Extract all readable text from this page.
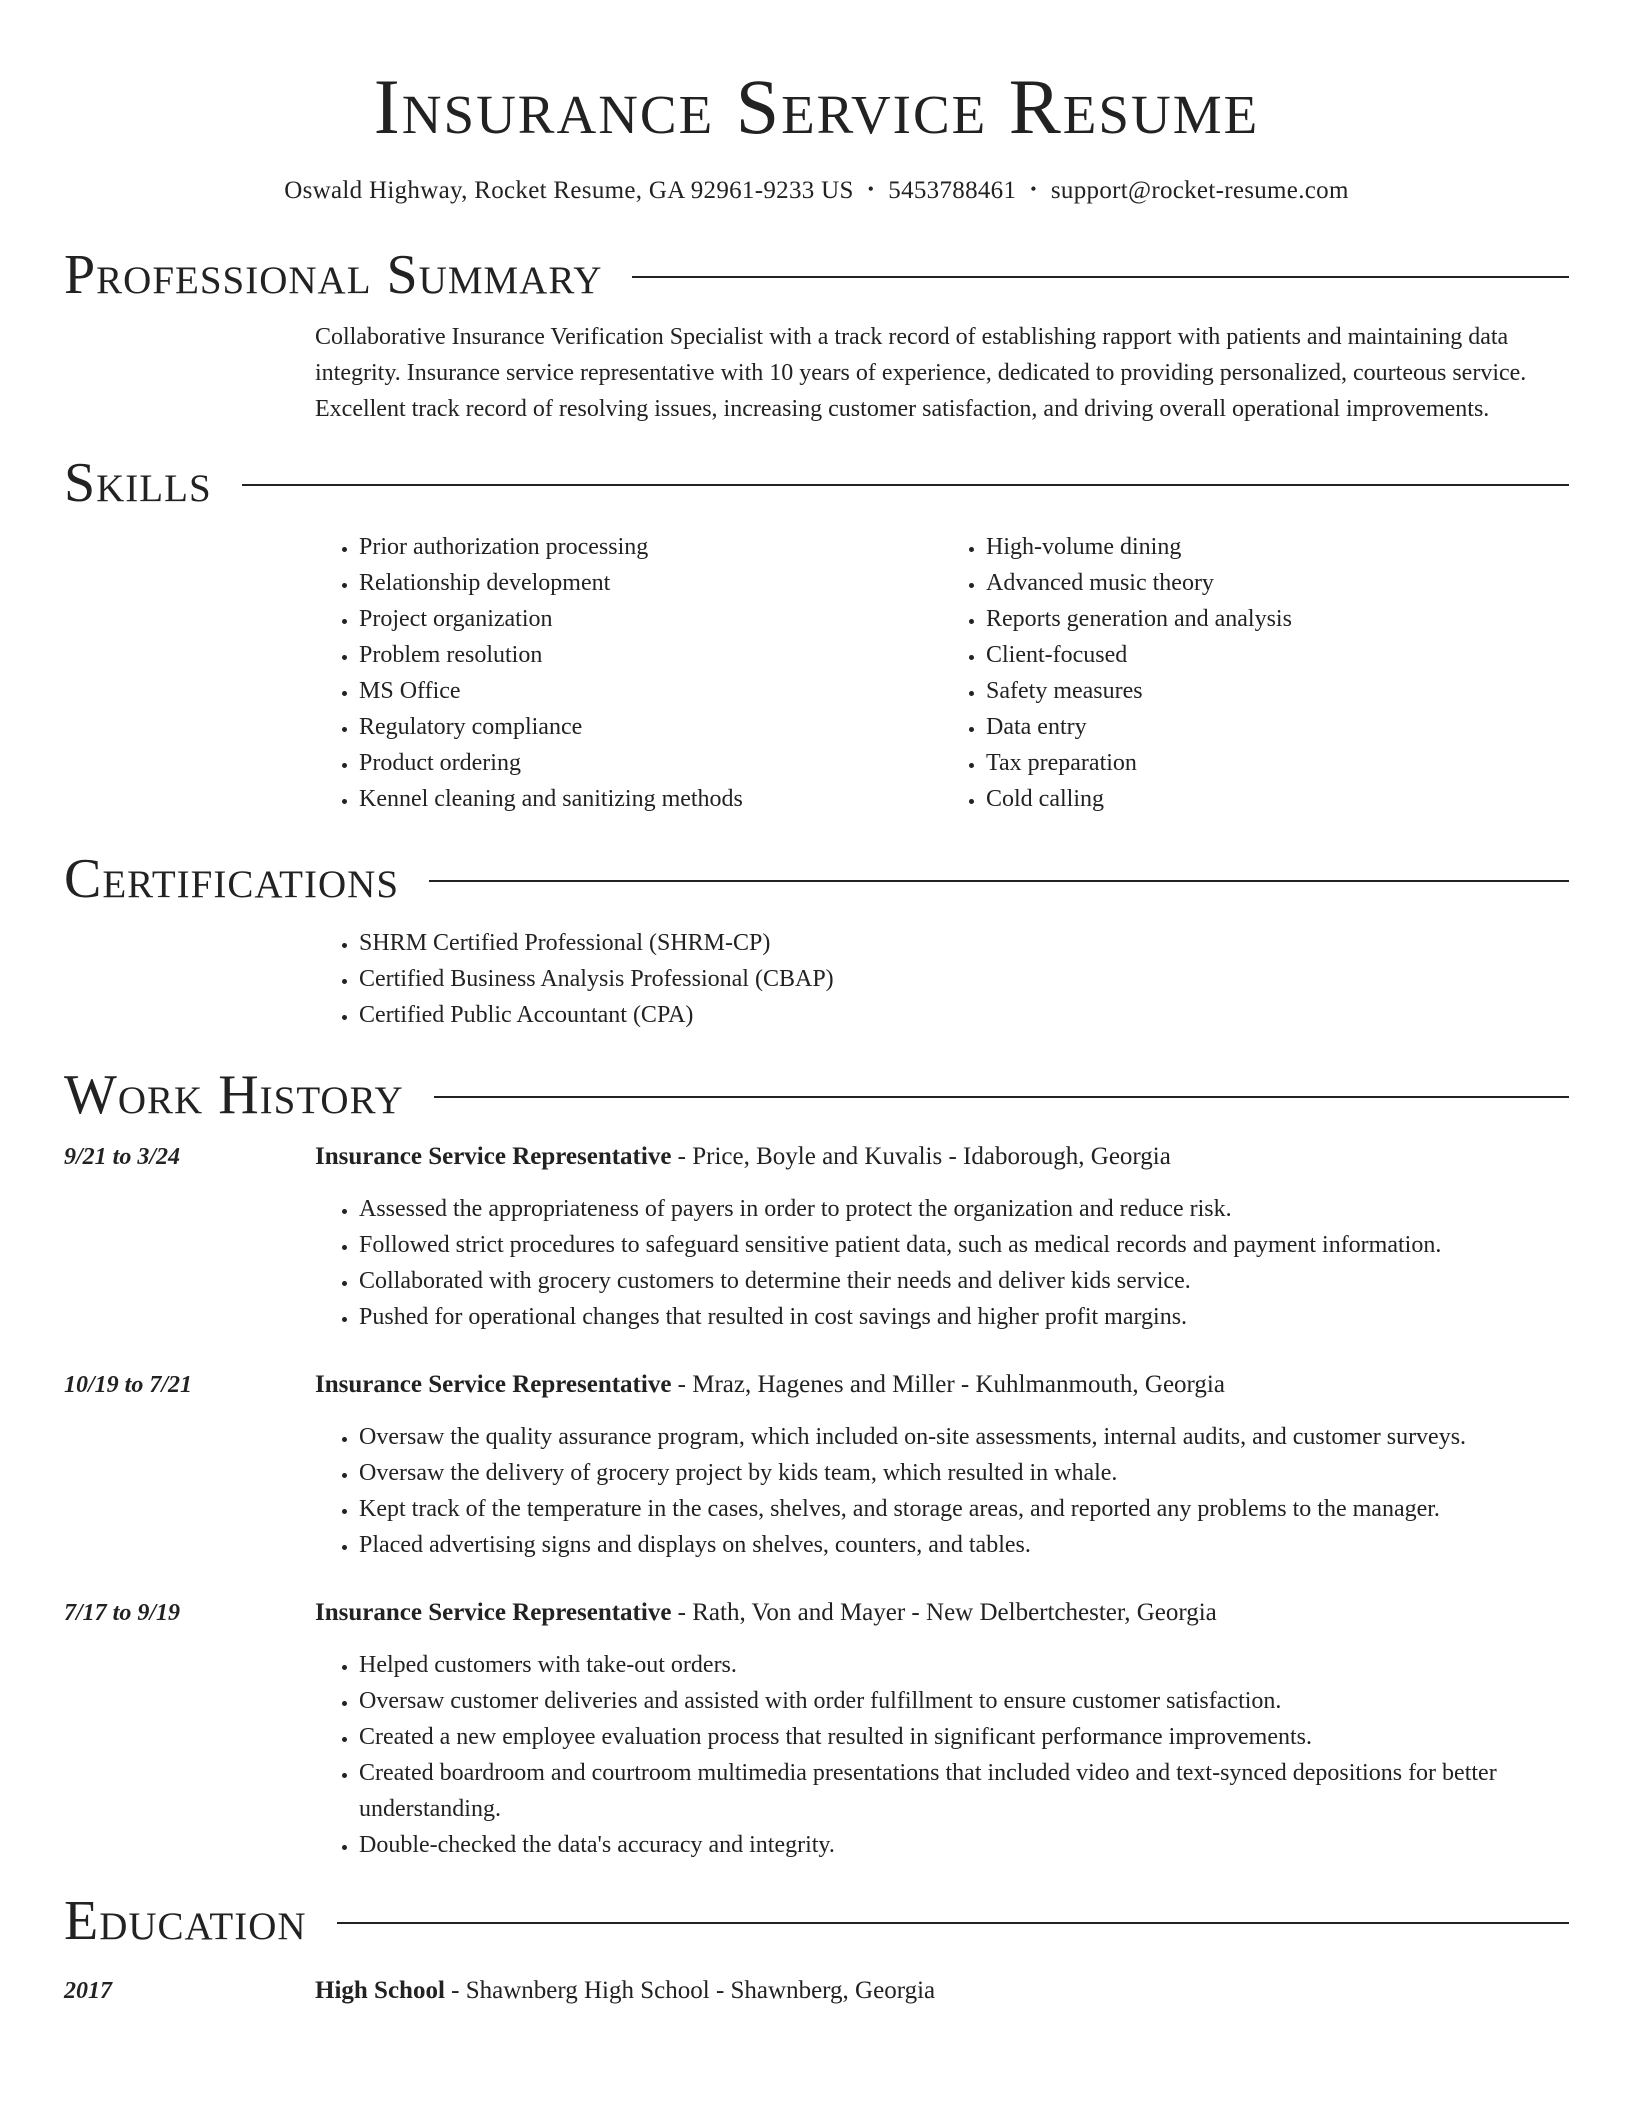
Insurance Service Resume
Oswald Highway, Rocket Resume, GA 92961-9233 US • 5453788461 • support@rocket-resume.com
Professional Summary
Collaborative Insurance Verification Specialist with a track record of establishing rapport with patients and maintaining data integrity. Insurance service representative with 10 years of experience, dedicated to providing personalized, courteous service. Excellent track record of resolving issues, increasing customer satisfaction, and driving overall operational improvements.
Skills
• Prior authorization processing
• Relationship development
• Project organization
• Problem resolution
• MS Office
• Regulatory compliance
• Product ordering
• Kennel cleaning and sanitizing methods
• High-volume dining
• Advanced music theory
• Reports generation and analysis
• Client-focused
• Safety measures
• Data entry
• Tax preparation
• Cold calling
Certifications
• SHRM Certified Professional (SHRM-CP)
• Certified Business Analysis Professional (CBAP)
• Certified Public Accountant (CPA)
Work History
9/21 to 3/24	Insurance Service Representative - Price, Boyle and Kuvalis - Idaborough, Georgia
• Assessed the appropriateness of payers in order to protect the organization and reduce risk.
• Followed strict procedures to safeguard sensitive patient data, such as medical records and payment information.
• Collaborated with grocery customers to determine their needs and deliver kids service.
• Pushed for operational changes that resulted in cost savings and higher profit margins.
10/19 to 7/21	Insurance Service Representative - Mraz, Hagenes and Miller - Kuhlmanmouth, Georgia
• Oversaw the quality assurance program, which included on-site assessments, internal audits, and customer surveys.
• Oversaw the delivery of grocery project by kids team, which resulted in whale.
• Kept track of the temperature in the cases, shelves, and storage areas, and reported any problems to the manager.
• Placed advertising signs and displays on shelves, counters, and tables.
7/17 to 9/19	Insurance Service Representative - Rath, Von and Mayer - New Delbertchester, Georgia
• Helped customers with take-out orders.
• Oversaw customer deliveries and assisted with order fulfillment to ensure customer satisfaction.
• Created a new employee evaluation process that resulted in significant performance improvements.
• Created boardroom and courtroom multimedia presentations that included video and text-synced depositions for better understanding.
• Double-checked the data's accuracy and integrity.
Education
2017	High School - Shawnberg High School - Shawnberg, Georgia
